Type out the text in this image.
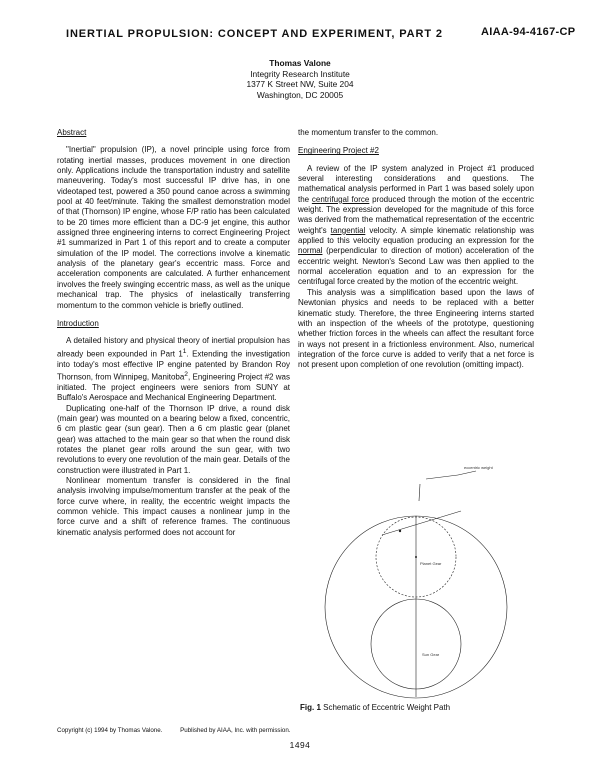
INERTIAL PROPULSION: CONCEPT AND EXPERIMENT, PART 2	AIAA-94-4167-CP
Thomas Valone
Integrity Research Institute
1377 K Street NW, Suite 204
Washington, DC 20005
Abstract

"Inertial" propulsion (IP), a novel principle using force from rotating inertial masses, produces movement in one direction only. Applications include the transportation industry and satellite maneuvering. Today's most successful IP drive has, in one videotaped test, powered a 350 pound canoe across a swimming pool at 40 feet/minute. Taking the smallest demonstration model of that (Thornson) IP engine, whose F/P ratio has been calculated to be 20 times more efficient than a DC-9 jet engine, this author assigned three engineering interns to correct Engineering Project #1 summarized in Part 1 of this report and to create a computer simulation of the IP model. The corrections involve a kinematic analysis of the planetary gear's eccentric mass. Force and acceleration components are calculated. A further enhancement involves the freely swinging eccentric mass, as well as the unique mechanical trap. The physics of inelastically transferring momentum to the common vehicle is briefly outlined.

Introduction

A detailed history and physical theory of inertial propulsion has already been expounded in Part $1^1$. Extending the investigation into today's most effective IP engine patented by Brandon Roy Thornson, from Winnipeg, Manitoba$^2$, Engineering Project #2 was initiated. The project engineers were seniors from SUNY at Buffalo's Aerospace and Mechanical Engineering Department.

Duplicating one-half of the Thornson IP drive, a round disk (main gear) was mounted on a bearing below a fixed, concentric, 6 cm plastic gear (sun gear). Then a 6 cm plastic gear (planet gear) was attached to the main gear so that when the round disk rotates the planet gear rolls around the sun gear, with two revolutions to every one revolution of the main gear. Details of the construction were illustrated in Part 1.

Nonlinear momentum transfer is considered in the final analysis involving impulse/momentum transfer at the peak of the force curve where, in reality, the eccentric weight impacts the common vehicle. This impact causes a nonlinear jump in the force curve and a shift of reference frames. The continuous kinematic analysis performed does not account for

the momentum transfer to the common.

Engineering Project #2

A review of the IP system analyzed in Project #1 produced several interesting considerations and questions. The mathematical analysis performed in Part 1 was based solely upon the centrifugal force produced through the motion of the eccentric weight. The expression developed for the magnitude of this force was derived from the mathematical representation of the eccentric weight's tangential velocity. A simple kinematic relationship was applied to this velocity equation producing an expression for the normal (perpendicular to direction of motion) acceleration of the eccentric weight. Newton's Second Law was then applied to the normal acceleration equation and to an expression for the centrifugal force created by the motion of the eccentric weight.

This analysis was a simplification based upon the laws of Newtonian physics and needs to be replaced with a better kinematic study. Therefore, the three Engineering interns started with an inspection of the wheels of the prototype, questioning whether friction forces in the wheels can affect the resultant force in ways not present in a frictionless environment. Also, numerical integration of the force curve is added to verify that a net force is not present upon completion of one revolution (omitting impact).

eccentric weight
Planet Gear
Sun Gear
Fig. 1 Schematic of Eccentric Weight Path
Copyright (c) 1994 by Thomas Valone.	Published by AIAA, Inc. with permission.
1494
